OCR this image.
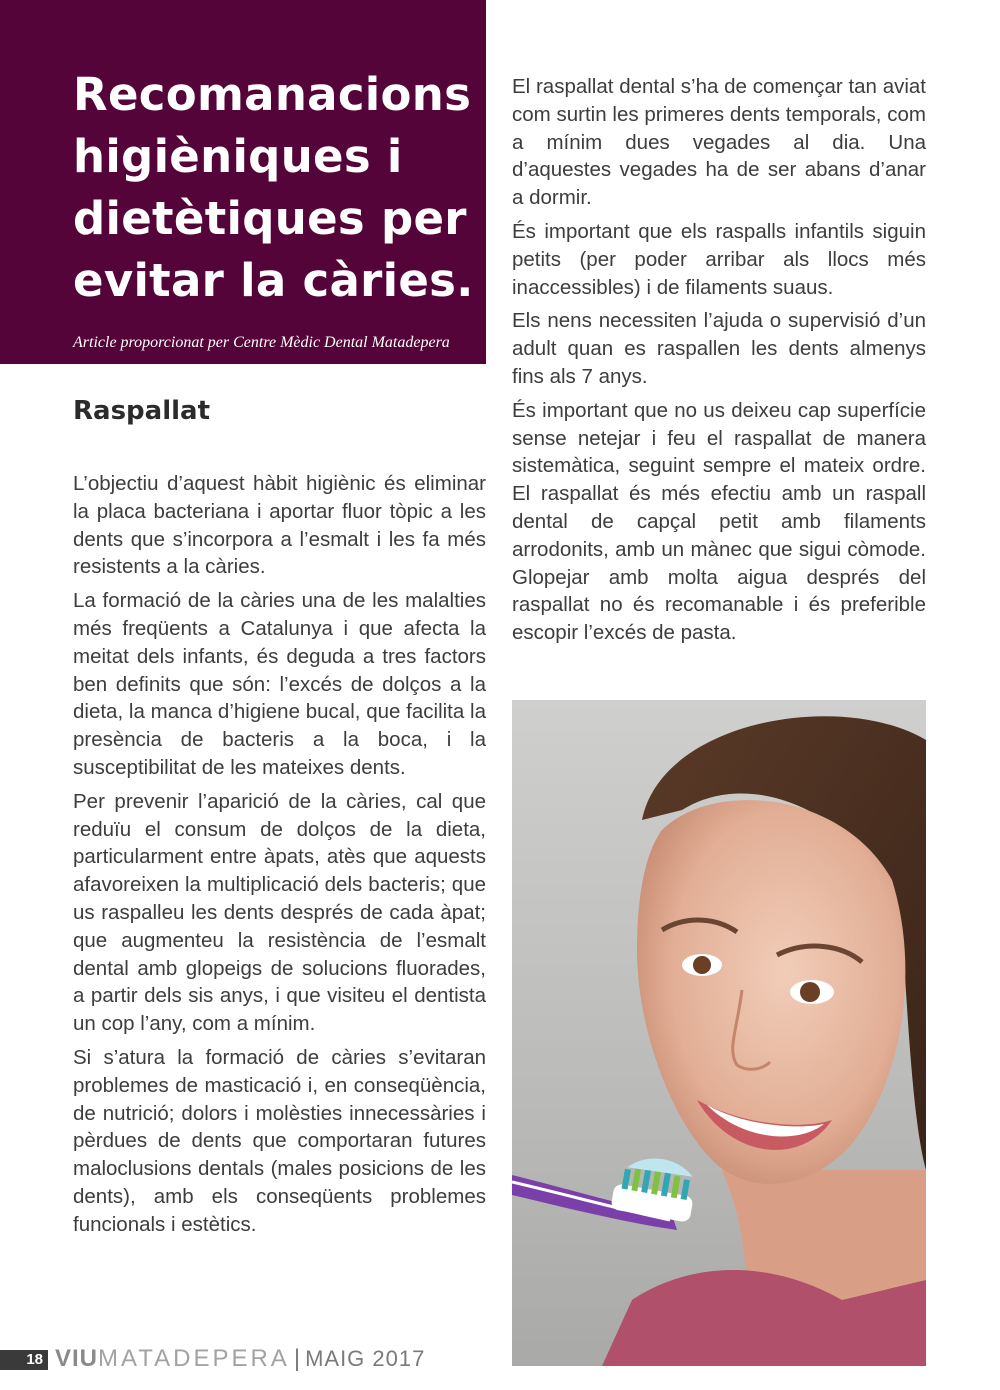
Recomanacions higièniques i dietètiques per evitar la càries.
Article proporcionat per Centre Mèdic Dental Matadepera
Raspallat

L’objectiu d’aquest hàbit higiènic és eliminar la placa bacteriana i aportar fluor tòpic a les dents que s’incorpora a l’esmalt i les fa més resistents a la càries.

La formació de la càries una de les malalties més freqüents a Catalunya i que afecta la meitat dels infants, és deguda a tres factors ben definits que són: l’excés de dolços a la dieta, la manca d’higiene bucal, que facilita la presència de bacteris a la boca, i la susceptibilitat de les mateixes dents.

Per prevenir l’aparició de la càries, cal que reduïu el consum de dolços de la dieta, particularment entre àpats, atès que aquests afavoreixen la multiplicació dels bacteris; que us raspalleu les dents després de cada àpat; que augmenteu la resistència de l’esmalt dental amb glopeigs de solucions fluorades, a partir dels sis anys, i que visiteu el dentista un cop l’any, com a mínim.

Si s’atura la formació de càries s’evitaran problemes de masticació i, en conseqüència, de nutrició; dolors i molèsties innecessàries i pèrdues de dents que comportaran futures maloclusions dentals (males posicions de les dents), amb els conseqüents problemes funcionals i estètics.

El raspallat dental s’ha de començar tan aviat com surtin les primeres dents temporals, com a mínim dues vegades al dia. Una d’aquestes vegades ha de ser abans d’anar a dormir.

És important que els raspalls infantils siguin petits (per poder arribar als llocs més inaccessibles) i de filaments suaus.

Els nens necessiten l’ajuda o supervisió d’un adult quan es raspallen les dents almenys fins als 7 anys.

És important que no us deixeu cap superfície sense netejar i feu el raspallat de manera sistemàtica, seguint sempre el mateix ordre. El raspallat és més efectiu amb un raspall dental de capçal petit amb filaments arrodonits, amb un mànec que sigui còmode. Glopejar amb molta aigua després del raspallat no és recomanable i és preferible escopir l’excés de pasta.

18 VIUMATADEPERA | MAIG 2017
